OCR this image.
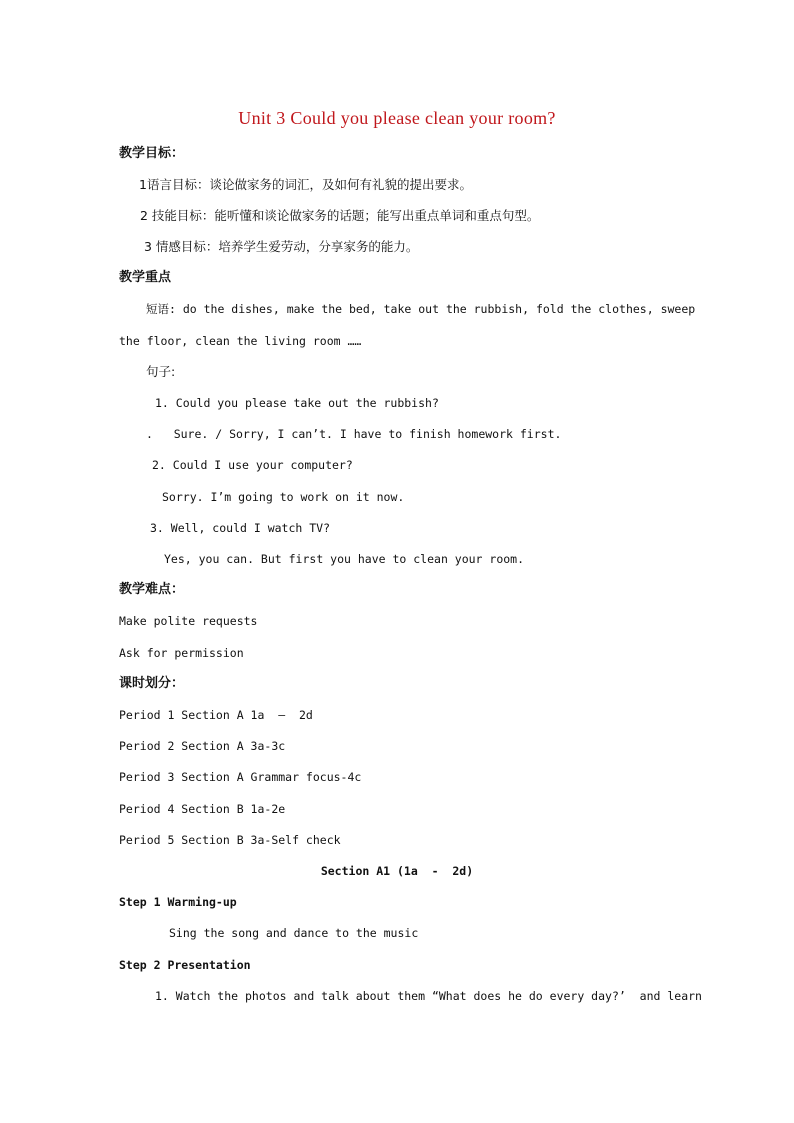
Unit 3 Could you please clean your room?
教学目标：
1语言目标：谈论做家务的词汇，及如何有礼貌的提出要求。
2 技能目标：能听懂和谈论做家务的话题；能写出重点单词和重点句型。
3 情感目标：培养学生爱劳动，分享家务的能力。
教学重点
短语: do the dishes, make the bed, take out the rubbish, fold the clothes, sweep
the floor, clean the living room ……
句子:
1. Could you please take out the rubbish?
.   Sure. / Sorry, I can’t. I have to finish homework first.
2. Could I use your computer?
Sorry. I’m going to work on it now.
3. Well, could I watch TV?
Yes, you can. But first you have to clean your room.
教学难点：
Make polite requests
Ask for permission
课时划分：
Period 1 Section A 1a  –  2d
Period 2 Section A 3a-3c
Period 3 Section A Grammar focus-4c
Period 4 Section B 1a-2e
Period 5 Section B 3a-Self check
Section A1 (1a  -  2d)
Step 1 Warming-up
Sing the song and dance to the music
Step 2 Presentation
1. Watch the photos and talk about them “What does he do every day?’  and learn
